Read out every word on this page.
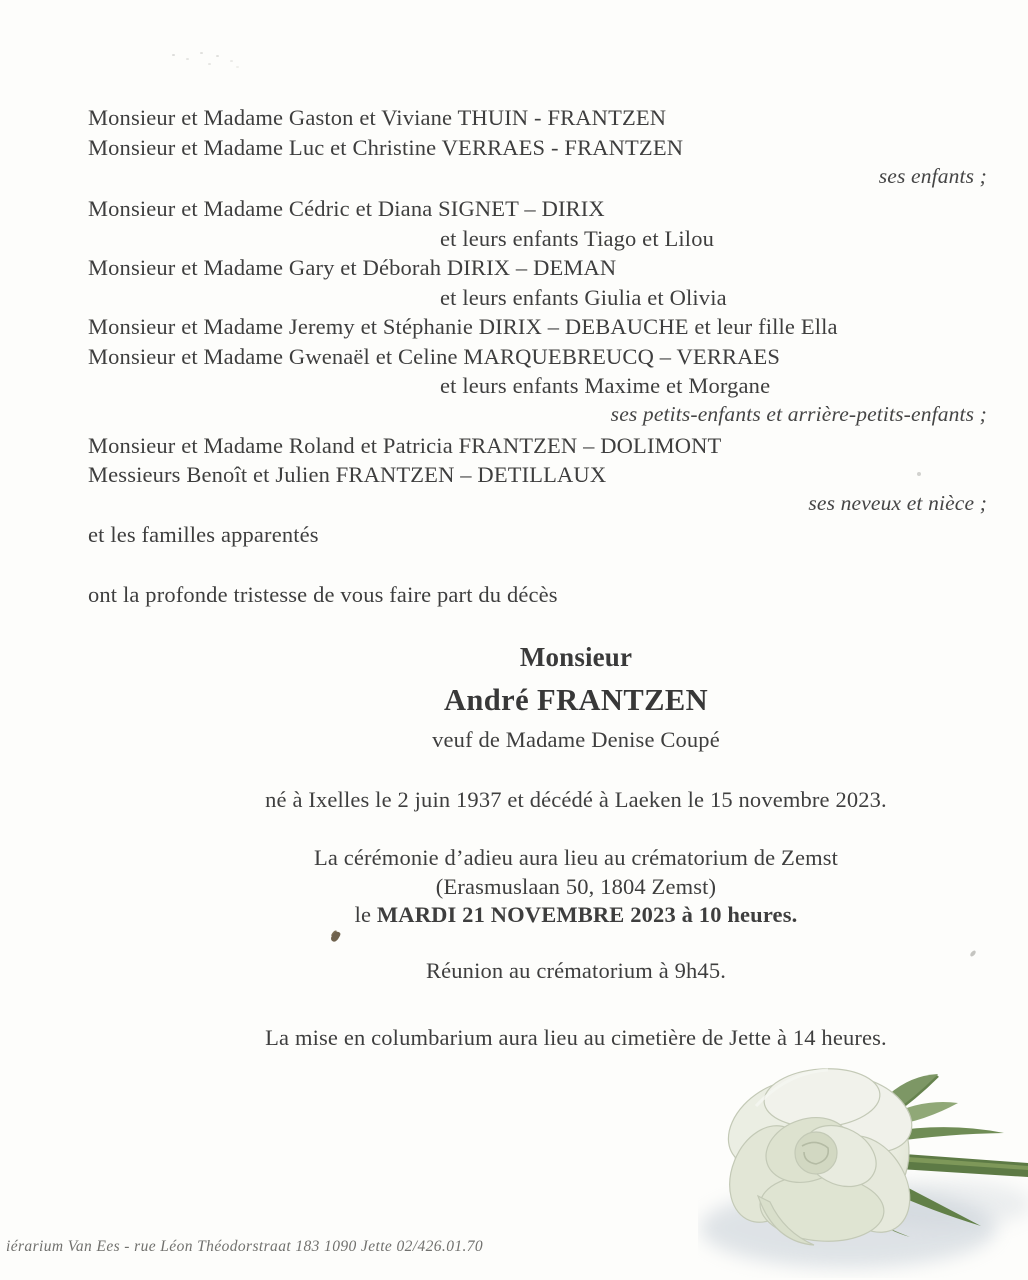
Monsieur et Madame Gaston et Viviane THUIN - FRANTZEN
Monsieur et Madame Luc et Christine VERRAES - FRANTZEN
ses enfants ;
Monsieur et Madame Cédric et Diana SIGNET – DIRIX
et leurs enfants Tiago et Lilou
Monsieur et Madame Gary et Déborah DIRIX – DEMAN
et leurs enfants Giulia et Olivia
Monsieur et Madame Jeremy et Stéphanie DIRIX – DEBAUCHE et leur fille Ella
Monsieur et Madame Gwenaël et Celine MARQUEBREUCQ – VERRAES
et leurs enfants Maxime et Morgane
ses petits-enfants et arrière-petits-enfants ;
Monsieur et Madame Roland et Patricia FRANTZEN – DOLIMONT
Messieurs Benoît et Julien FRANTZEN – DETILLAUX
ses neveux et nièce ;
et les familles apparentés
ont la profonde tristesse de vous faire part du décès
Monsieur
André FRANTZEN
veuf de Madame Denise Coupé
né à Ixelles le 2 juin 1937 et décédé à Laeken le 15 novembre 2023.
La cérémonie d’adieu aura lieu au crématorium de Zemst
(Erasmuslaan 50, 1804 Zemst)
le MARDI 21 NOVEMBRE 2023 à 10 heures.
Réunion au crématorium à 9h45.
La mise en columbarium aura lieu au cimetière de Jette à 14 heures.
iérarium Van Ees - rue Léon Théodorstraat 183 1090 Jette 02/426.01.70
